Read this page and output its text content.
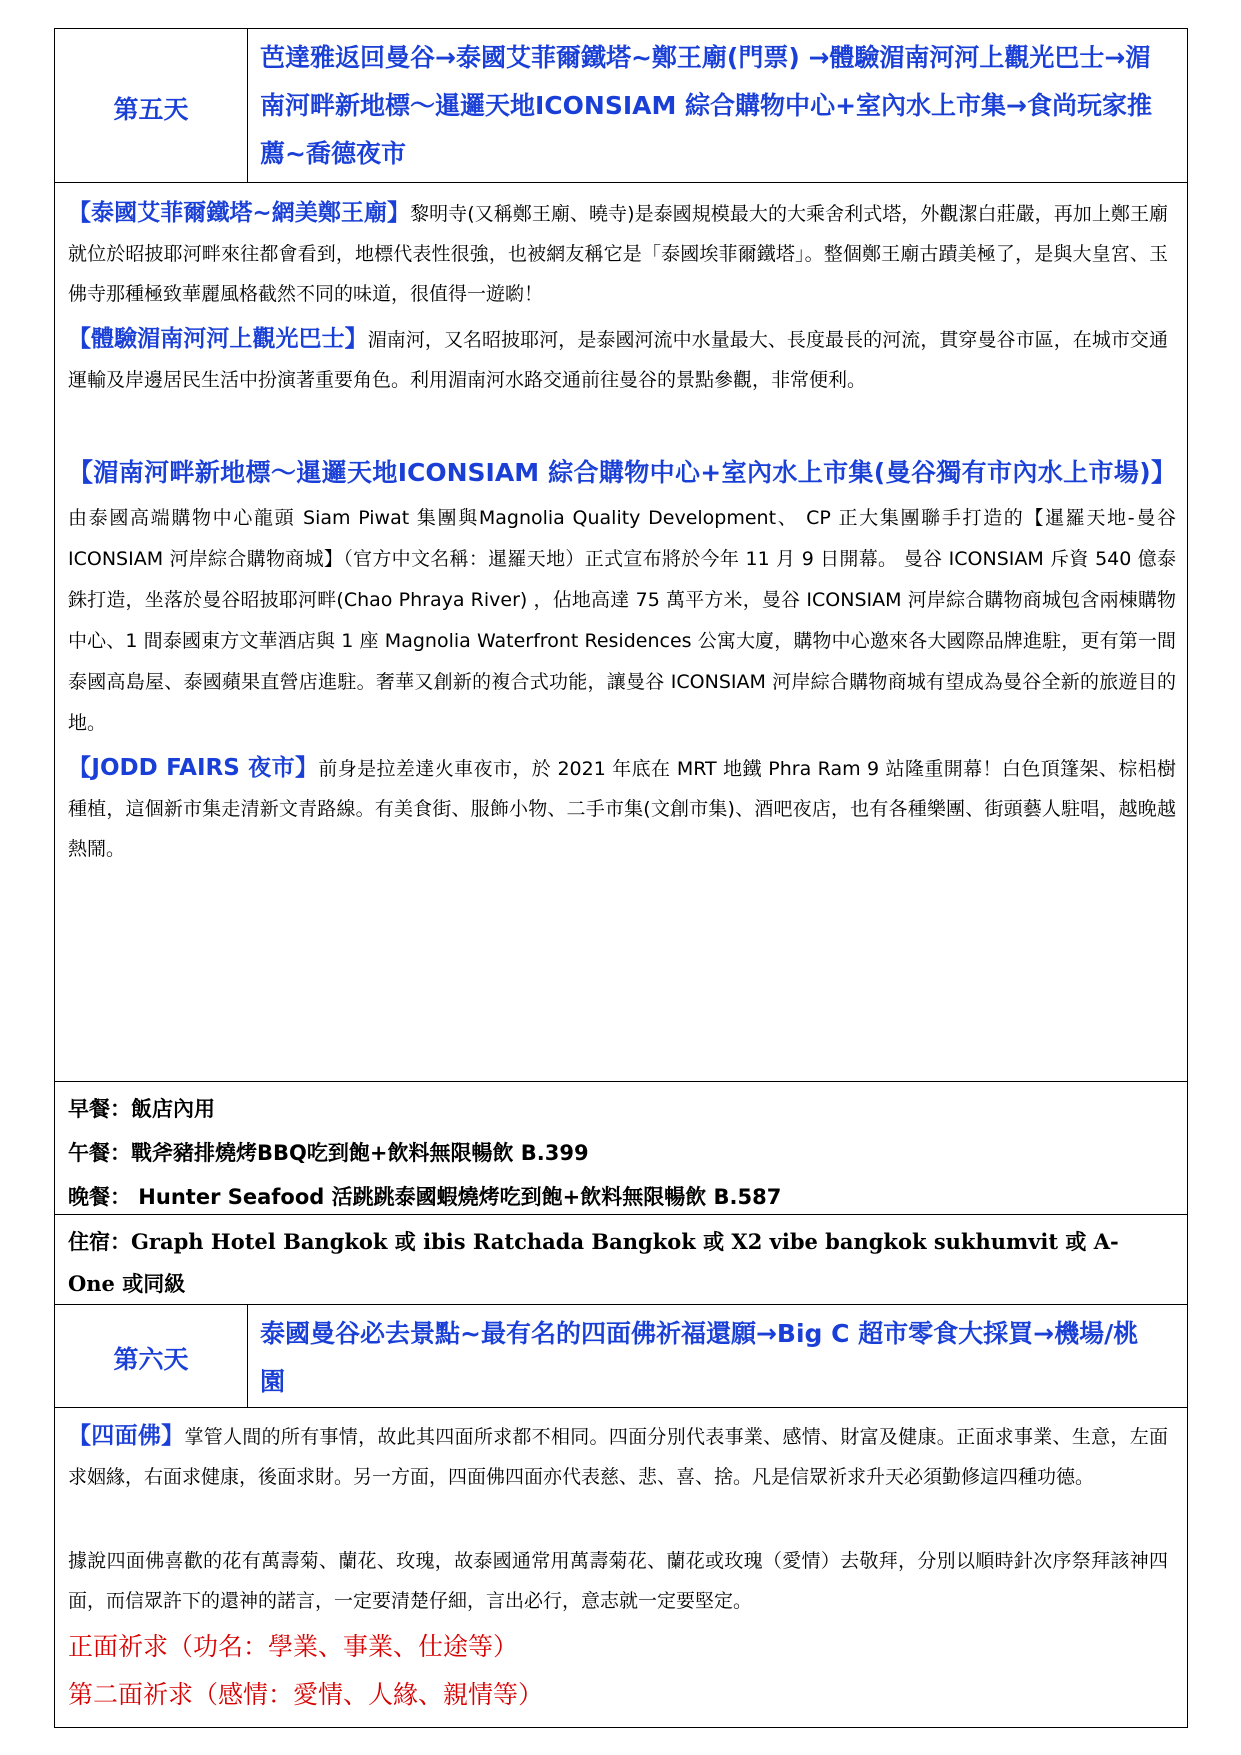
第五天
芭達雅返回曼谷→泰國艾菲爾鐵塔~鄭王廟(門票) →體驗湄南河河上觀光巴士→湄南河畔新地標～暹邏天地ICONSIAM 綜合購物中心+室內水上市集→食尚玩家推薦~喬德夜市
【泰國艾菲爾鐵塔~網美鄭王廟】黎明寺(又稱鄭王廟、曉寺)是泰國規模最大的大乘舍利式塔，外觀潔白莊嚴，再加上鄭王廟就位於昭披耶河畔來往都會看到，地標代表性很強，也被網友稱它是「泰國埃菲爾鐵塔」。整個鄭王廟古蹟美極了，是與大皇宮、玉佛寺那種極致華麗風格截然不同的味道，很值得一遊喲！
【體驗湄南河河上觀光巴士】湄南河，又名昭披耶河，是泰國河流中水量最大、長度最長的河流，貫穿曼谷市區，在城市交通運輸及岸邊居民生活中扮演著重要角色。利用湄南河水路交通前往曼谷的景點參觀，非常便利。
【湄南河畔新地標～暹邏天地ICONSIAM 綜合購物中心+室內水上市集(曼谷獨有市內水上市場)】由泰國高端購物中心龍頭 Siam Piwat 集團與Magnolia Quality Development、 CP 正大集團聯手打造的【暹羅天地-曼谷 ICONSIAM 河岸綜合購物商城】（官方中文名稱：暹羅天地）正式宣布將於今年 11 月 9 日開幕。 曼谷 ICONSIAM 斥資 540 億泰銖打造，坐落於曼谷昭披耶河畔(Chao Phraya River) ，佔地高達 75 萬平方米，曼谷 ICONSIAM 河岸綜合購物商城包含兩棟購物中心、1 間泰國東方文華酒店與 1 座 Magnolia Waterfront Residences 公寓大廈，購物中心邀來各大國際品牌進駐，更有第一間泰國高島屋、泰國蘋果直營店進駐。奢華又創新的複合式功能，讓曼谷 ICONSIAM 河岸綜合購物商城有望成為曼谷全新的旅遊目的地。
【JODD FAIRS 夜市】前身是拉差達火車夜市，於 2021 年底在 MRT 地鐵 Phra Ram 9 站隆重開幕！白色頂篷架、棕梠樹種植，這個新市集走清新文青路線。有美食街、服飾小物、二手市集(文創市集)、酒吧夜店，也有各種樂團、街頭藝人駐唱，越晚越熱鬧。
早餐：飯店內用
午餐：戰斧豬排燒烤BBQ吃到飽+飲料無限暢飲 B.399
晚餐： Hunter Seafood 活跳跳泰國蝦燒烤吃到飽+飲料無限暢飲 B.587
住宿：Graph Hotel Bangkok 或 ibis Ratchada Bangkok 或 X2 vibe bangkok sukhumvit 或 A-One 或同級
第六天
泰國曼谷必去景點~最有名的四面佛祈福還願→Big C 超市零食大採買→機場/桃園
【四面佛】掌管人間的所有事情，故此其四面所求都不相同。四面分別代表事業、感情、財富及健康。正面求事業、生意，左面求姻緣，右面求健康，後面求財。另一方面，四面佛四面亦代表慈、悲、喜、捨。凡是信眾祈求升天必須勤修這四種功德。
據說四面佛喜歡的花有萬壽菊、蘭花、玫瑰，故泰國通常用萬壽菊花、蘭花或玫瑰（愛情）去敬拜，分別以順時針次序祭拜該神四面，而信眾許下的還神的諾言，一定要清楚仔細，言出必行，意志就一定要堅定。
正面祈求（功名：學業、事業、仕途等）
第二面祈求（感情：愛情、人緣、親情等）
